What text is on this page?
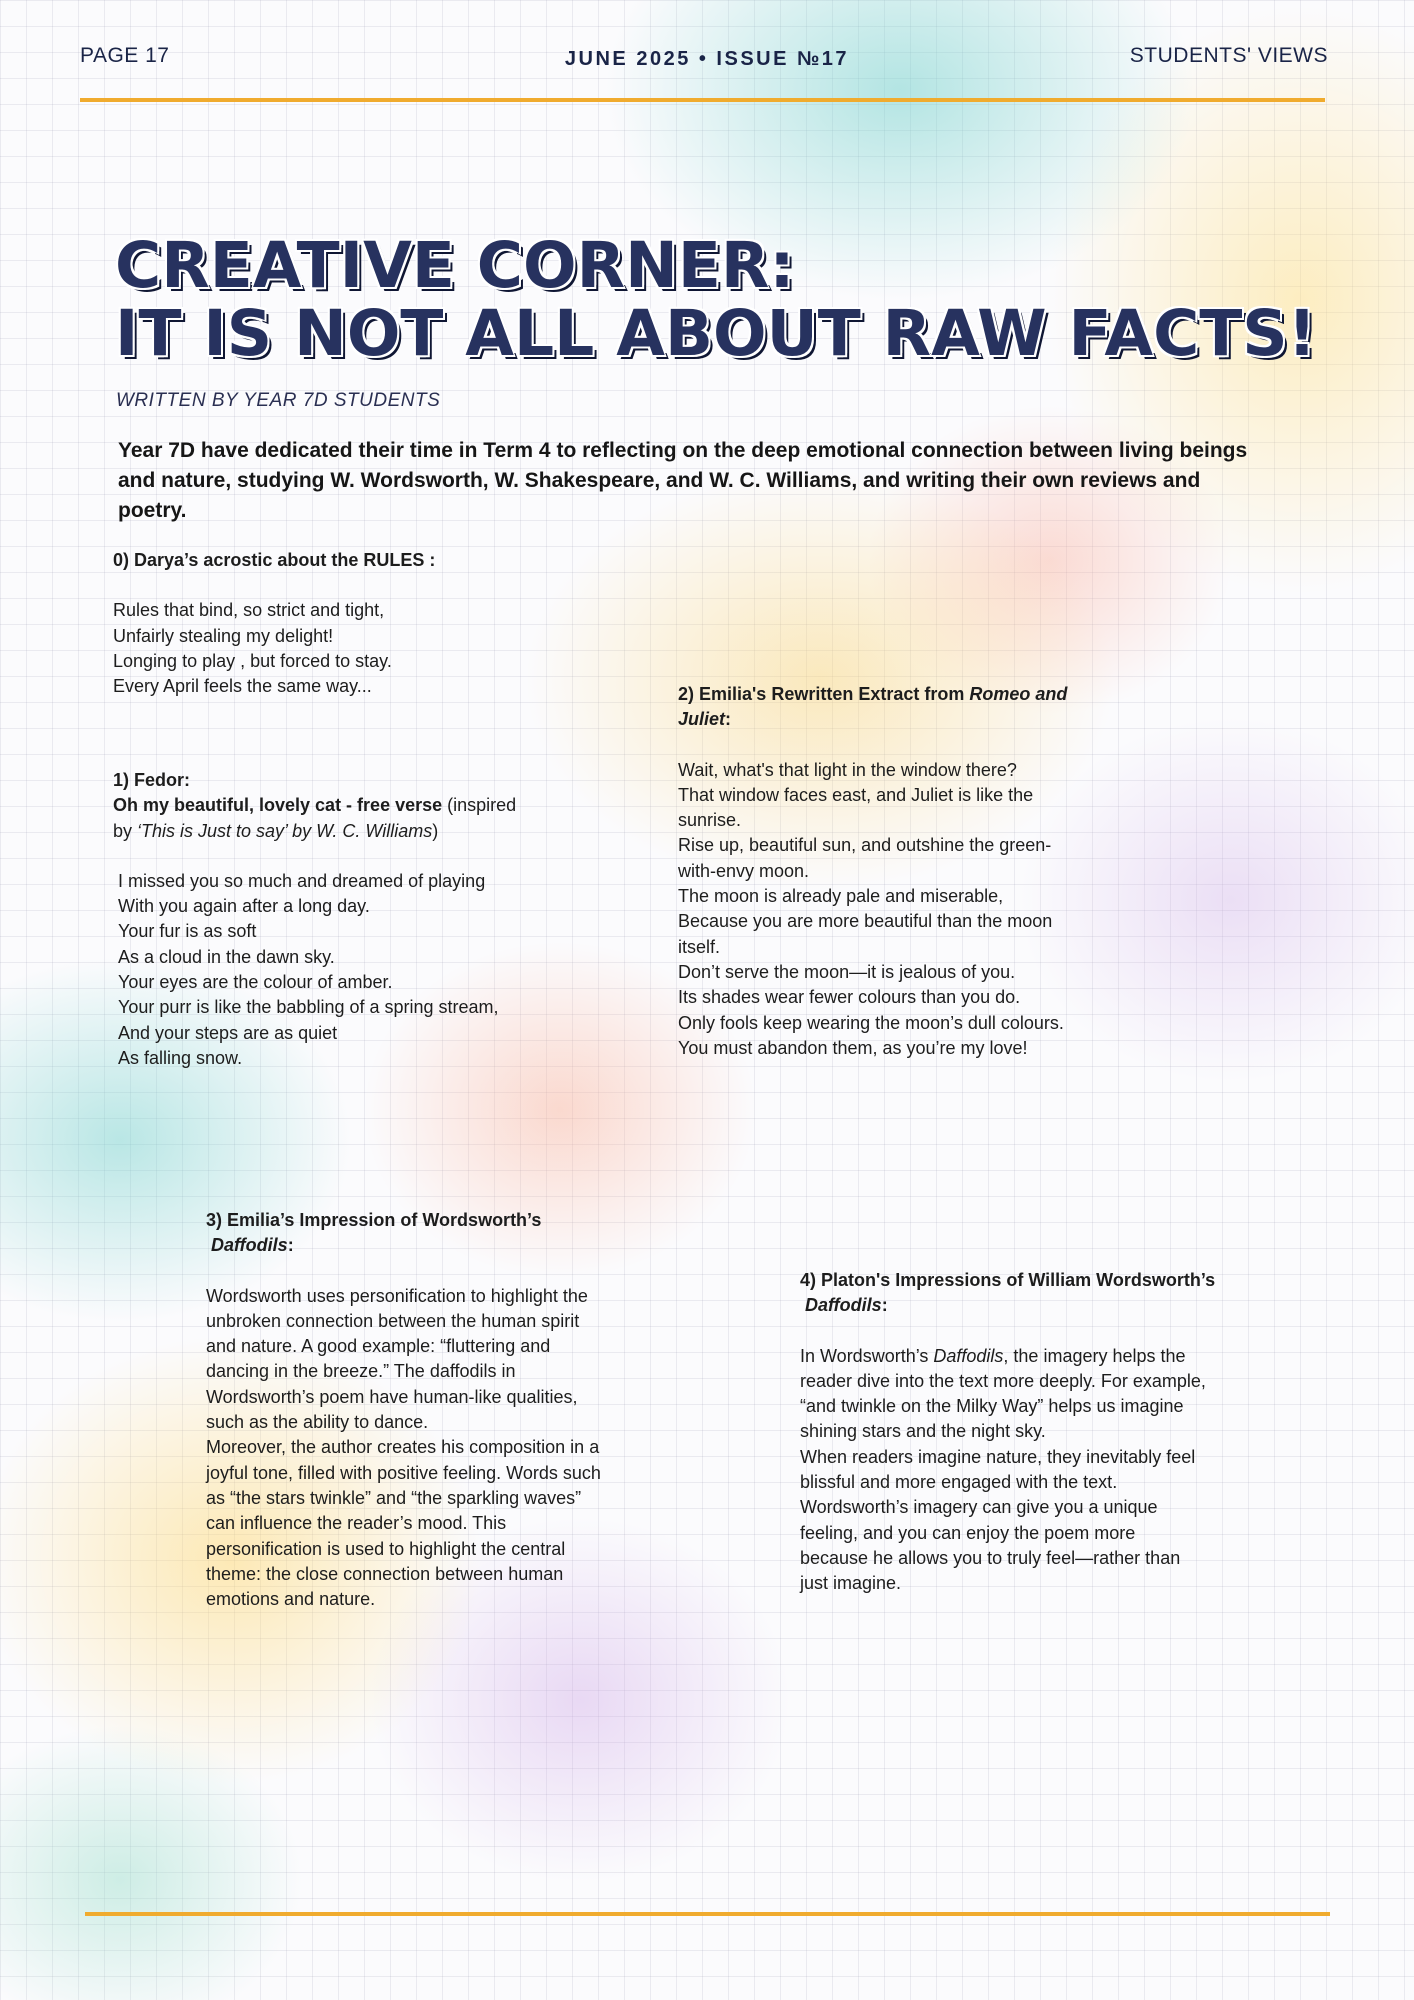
PAGE 17	JUNE 2025 • ISSUE №17	STUDENTS' VIEWS
CREATIVE CORNER:
IT IS NOT ALL ABOUT RAW FACTS!
WRITTEN BY YEAR 7D STUDENTS
Year 7D have dedicated their time in Term 4 to reflecting on the deep emotional connection between living beings and nature, studying W. Wordsworth, W. Shakespeare, and W. C. Williams, and writing their own reviews and poetry.
0) Darya’s acrostic about the RULES :
Rules that bind, so strict and tight,
Unfairly stealing my delight!
Longing to play , but forced to stay.
Every April feels the same way...
1) Fedor:
Oh my beautiful, lovely cat - free verse (inspired
by ‘This is Just to say’ by W. C. Williams)
I missed you so much and dreamed of playing
With you again after a long day.
Your fur is as soft
As a cloud in the dawn sky.
Your eyes are the colour of amber.
Your purr is like the babbling of a spring stream,
And your steps are as quiet
As falling snow.
2) Emilia's Rewritten Extract from Romeo and
Juliet:
Wait, what's that light in the window there?
That window faces east, and Juliet is like the
sunrise.
Rise up, beautiful sun, and outshine the green-
with-envy moon.
The moon is already pale and miserable,
Because you are more beautiful than the moon
itself.
Don’t serve the moon—it is jealous of you.
Its shades wear fewer colours than you do.
Only fools keep wearing the moon’s dull colours.
You must abandon them, as you’re my love!
3) Emilia’s Impression of Wordsworth’s
Daffodils:
Wordsworth uses personification to highlight the
unbroken connection between the human spirit
and nature. A good example: “fluttering and
dancing in the breeze.” The daffodils in
Wordsworth’s poem have human-like qualities,
such as the ability to dance.
Moreover, the author creates his composition in a
joyful tone, filled with positive feeling. Words such
as “the stars twinkle” and “the sparkling waves”
can influence the reader’s mood. This
personification is used to highlight the central
theme: the close connection between human
emotions and nature.
4) Platon's Impressions of William Wordsworth’s
Daffodils:
In Wordsworth’s Daffodils, the imagery helps the
reader dive into the text more deeply. For example,
“and twinkle on the Milky Way” helps us imagine
shining stars and the night sky.
When readers imagine nature, they inevitably feel
blissful and more engaged with the text.
Wordsworth’s imagery can give you a unique
feeling, and you can enjoy the poem more
because he allows you to truly feel—rather than
just imagine.
